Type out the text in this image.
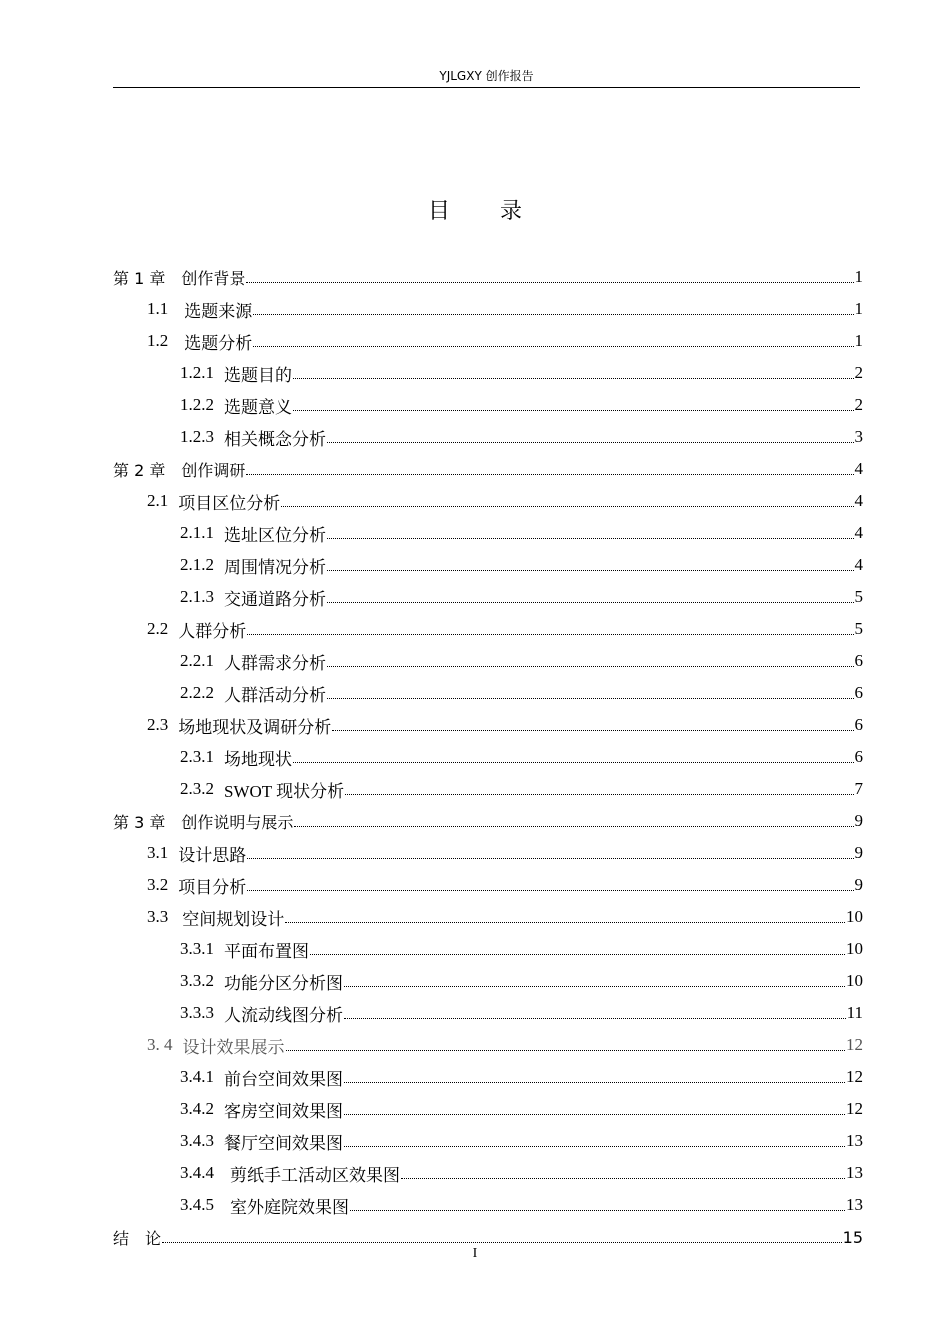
YJLGXY 创作报告
目 录
第 1 章 创作背景	1
1.1 选题来源	1
1.2 选题分析	1
1.2.1 选题目的	2
1.2.2 选题意义	2
1.2.3 相关概念分析	3
第 2 章 创作调研	4
2.1 项目区位分析	4
2.1.1 选址区位分析	4
2.1.2 周围情况分析	4
2.1.3 交通道路分析	5
2.2 人群分析	5
2.2.1 人群需求分析	6
2.2.2 人群活动分析	6
2.3 场地现状及调研分析	6
2.3.1 场地现状	6
2.3.2 SWOT 现状分析	7
第 3 章 创作说明与展示	9
3.1 设计思路	9
3.2 项目分析	9
3.3 空间规划设计	10
3.3.1 平面布置图	10
3.3.2 功能分区分析图	10
3.3.3 人流动线图分析	11
3. 4 设计效果展示	12
3.4.1 前台空间效果图	12
3.4.2 客房空间效果图	12
3.4.3 餐厅空间效果图	13
3.4.4 剪纸手工活动区效果图	13
3.4.5 室外庭院效果图	13
结 论	15
I
